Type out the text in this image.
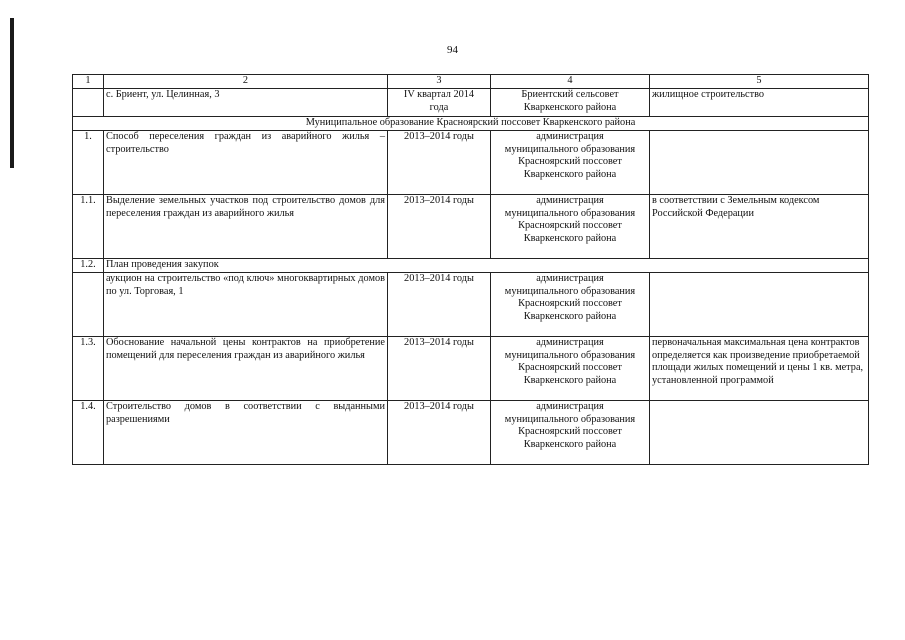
94
1	2	3	4	5
	с. Бриент, ул. Целинная, 3	IV квартал 2014 года	Бриентский сельсовет Кваркенского района	жилищное строительство
Муниципальное образование Красноярский поссовет Кваркенского района				
1.	Способ переселения граждан из аварийного жилья – строительство	2013–2014 годы	администрация муниципального образования Красноярский поссовет Кваркенского района	
1.1.	Выделение земельных участков под строительство домов для переселения граждан из аварийного жилья	2013–2014 годы	администрация муниципального образования Красноярский поссовет Кваркенского района	в соответствии с Земельным кодексом Российской Федерации
1.2.	План проведения закупок			
	аукцион на строительство «под ключ» многоквартирных домов по ул. Торговая, 1	2013–2014 годы	администрация муниципального образования Красноярский поссовет Кваркенского района	
1.3.	Обоснование начальной цены контрактов на приобретение помещений для переселения граждан из аварийного жилья	2013–2014 годы	администрация муниципального образования Красноярский поссовет Кваркенского района	первоначальная максимальная цена контрактов определяется как произведение приобретаемой площади жилых помещений и цены 1 кв. метра, установленной программой
1.4.	Строительство домов в соответствии с выданными разрешениями	2013–2014 годы	администрация муниципального образования Красноярский поссовет Кваркенского района	
